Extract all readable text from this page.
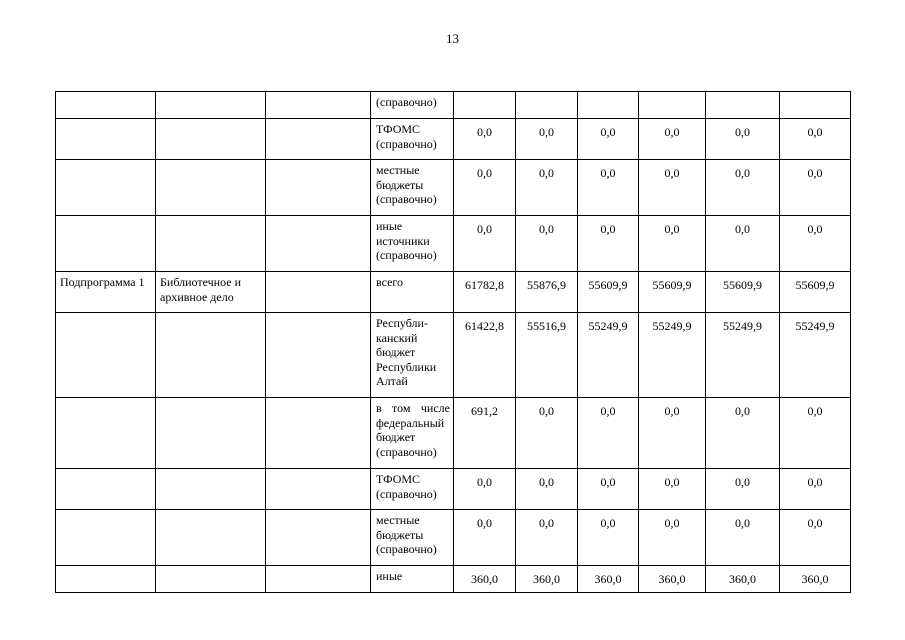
13

			(справочно)						

			ТФОМС
(справочно)	0,0	0,0	0,0	0,0	0,0	0,0

			местные
бюджеты
(справочно)	0,0	0,0	0,0	0,0	0,0	0,0

			иные
источники
(справочно)	0,0	0,0	0,0	0,0	0,0	0,0
Подпрограмма 1	Библиотечное и архивное дело		всего	61782,8	55876,9	55609,9	55609,9	55609,9	55609,9

			Республи-
канский
бюджет
Республики
Алтай	61422,8	55516,9	55249,9	55249,9	55249,9	55249,9

			в том числе
федеральный
бюджет
(справочно)	691,2	0,0	0,0	0,0	0,0	0,0

			ТФОМС
(справочно)	0,0	0,0	0,0	0,0	0,0	0,0

			местные
бюджеты
(справочно)	0,0	0,0	0,0	0,0	0,0	0,0

			иные	360,0	360,0	360,0	360,0	360,0	360,0
